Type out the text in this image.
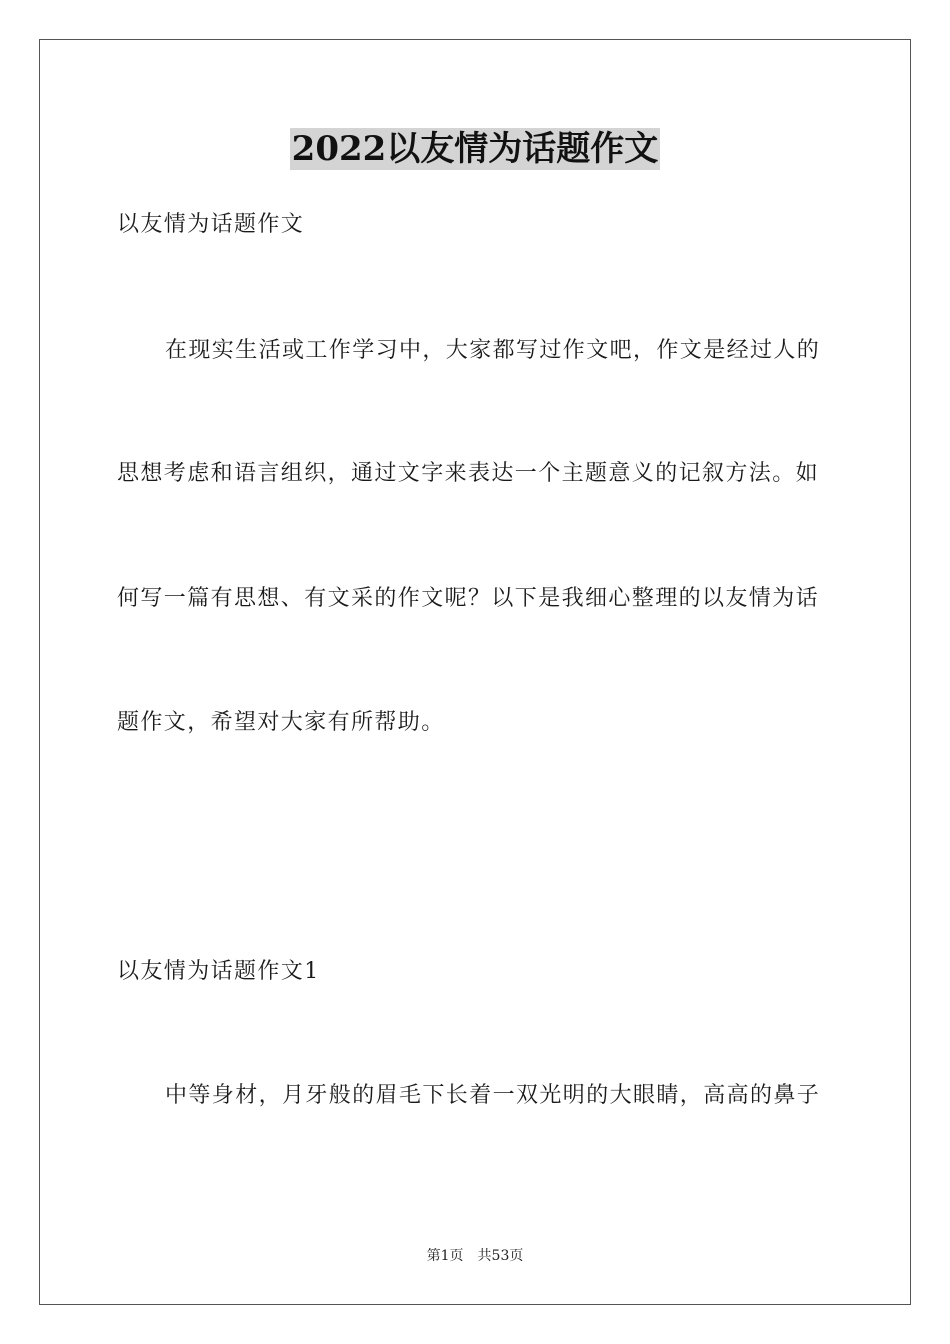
2022以友情为话题作文
以友情为话题作文
在现实生活或工作学习中，大家都写过作文吧，作文是经过人的
思想考虑和语言组织，通过文字来表达一个主题意义的记叙方法。如
何写一篇有思想、有文采的作文呢？以下是我细心整理的以友情为话
题作文，希望对大家有所帮助。
以友情为话题作文1
中等身材，月牙般的眉毛下长着一双光明的大眼睛，高高的鼻子
第1页 共53页
